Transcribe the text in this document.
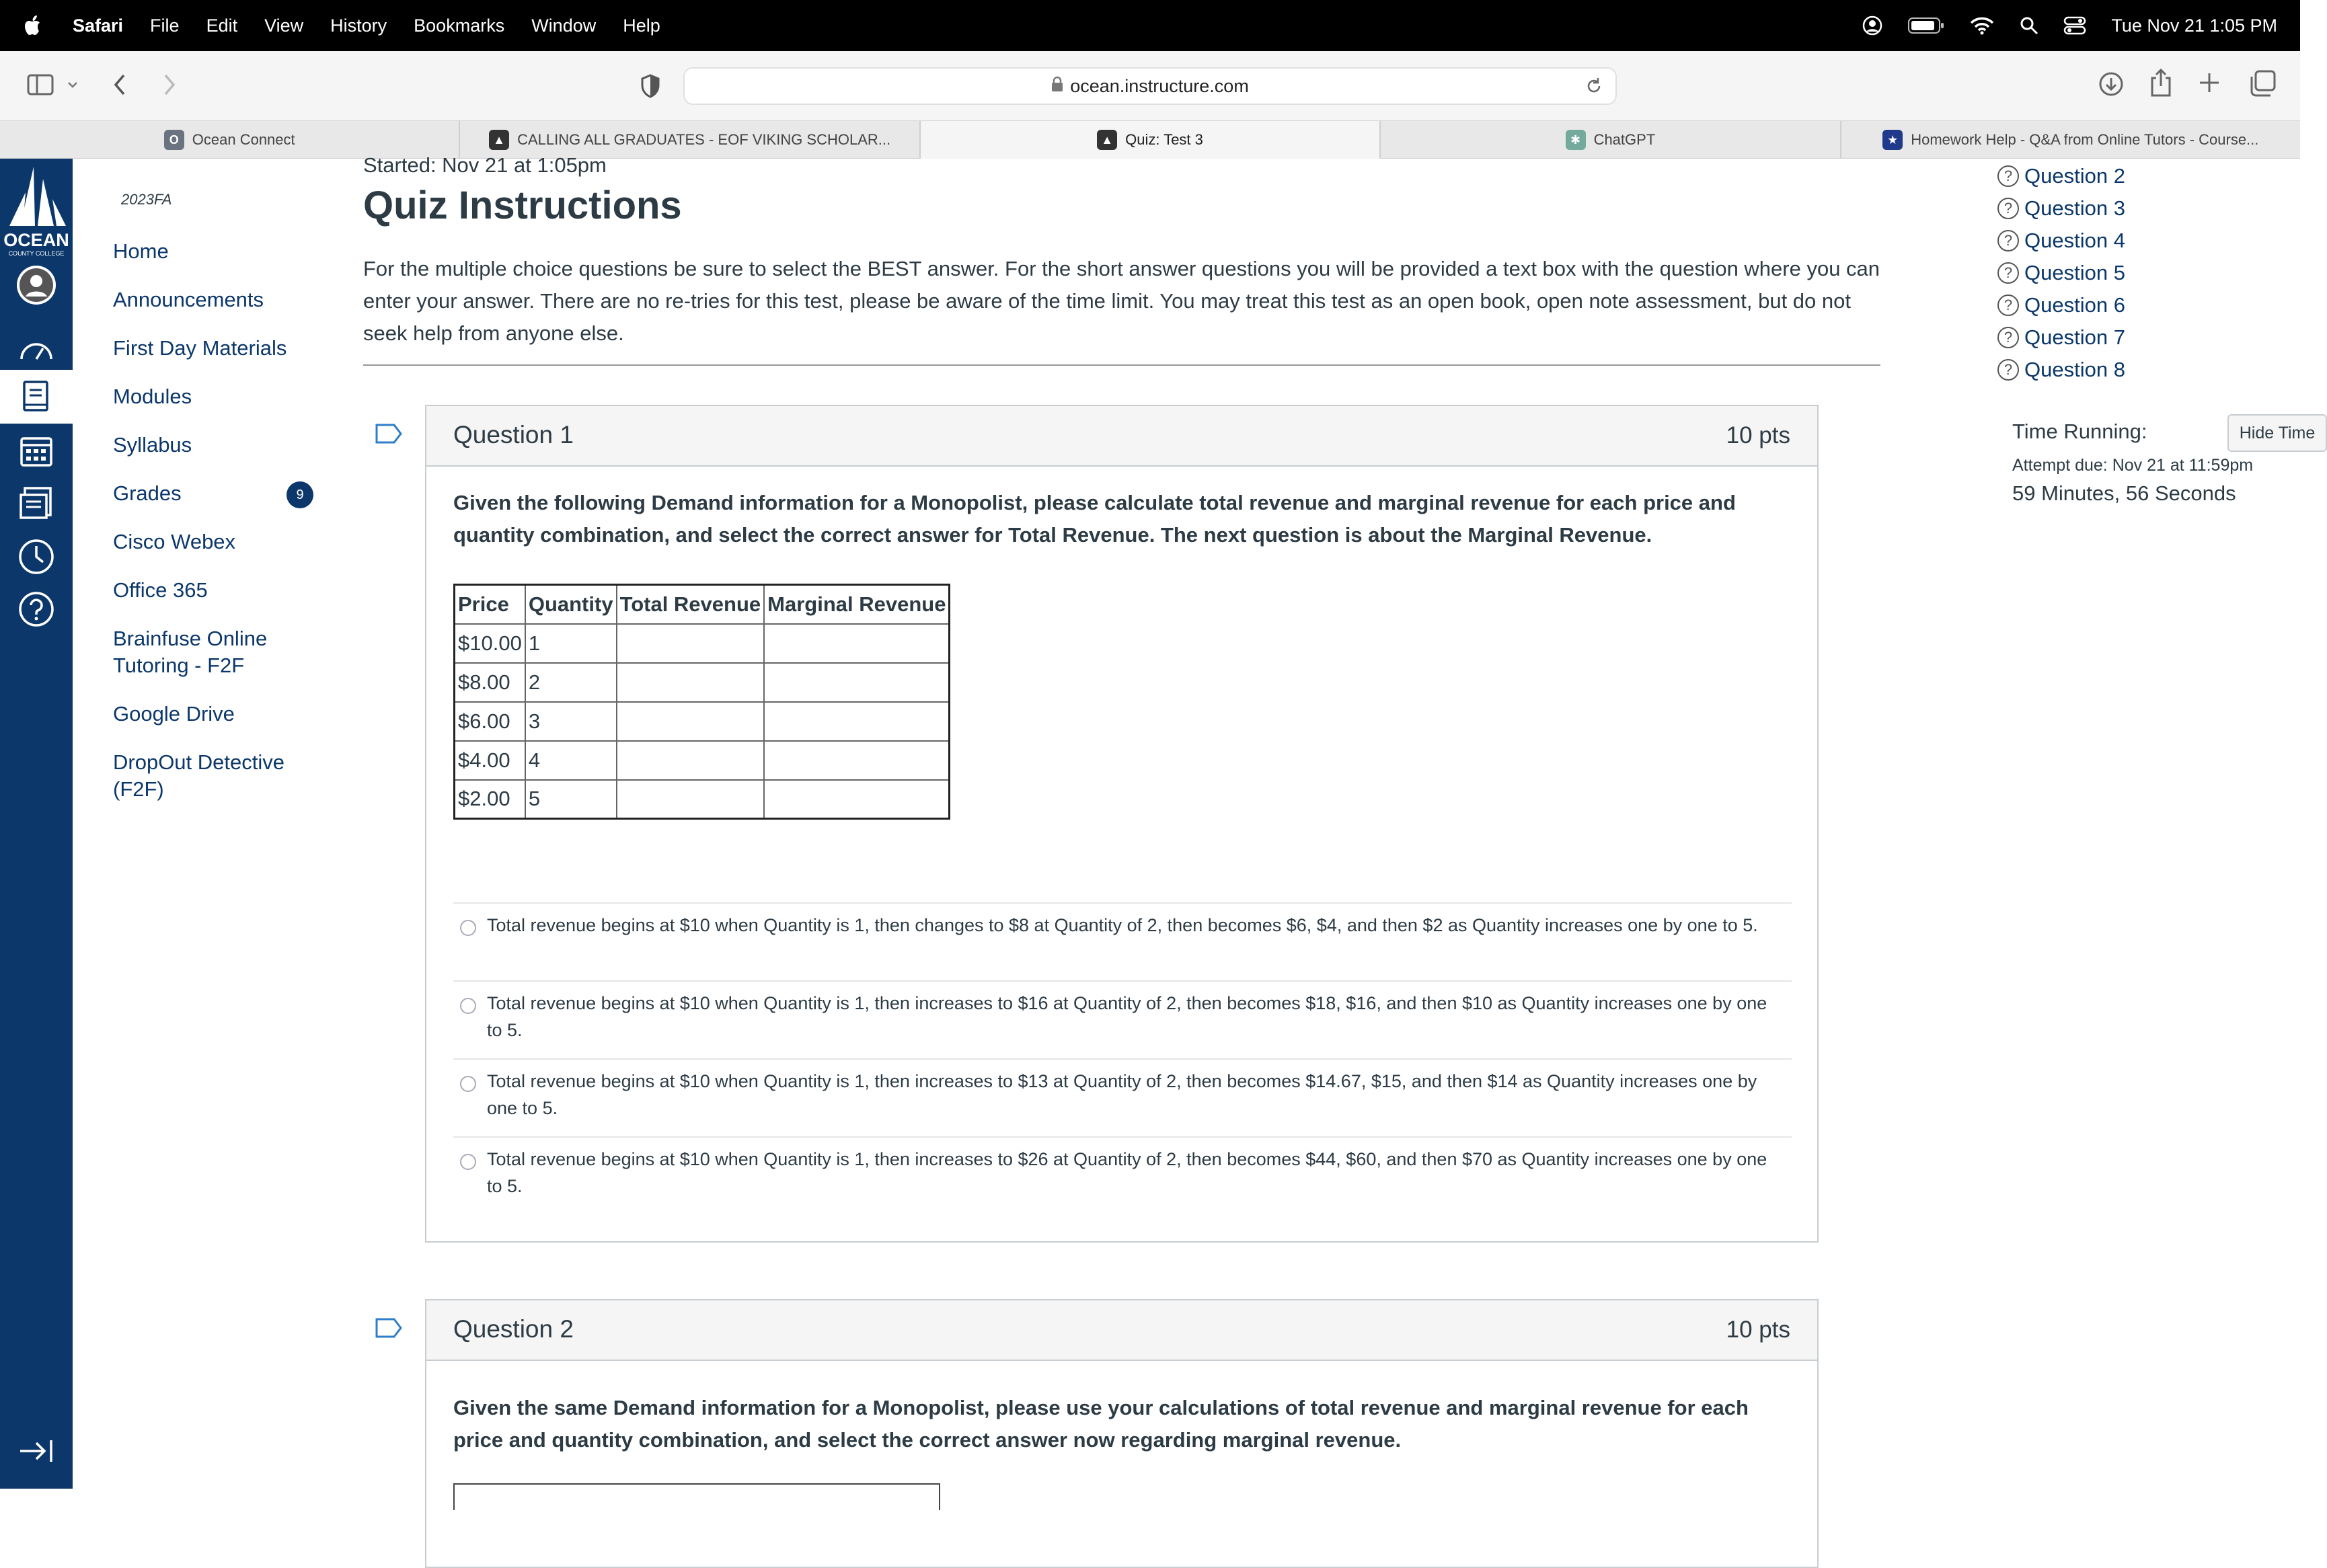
Safari File Edit View History Bookmarks Window Help	Tue Nov 21 1:05 PM
ocean.instructure.com
O Ocean Connect	▲ CALLING ALL GRADUATES - EOF VIKING SCHOLAR...	▲ Quiz: Test 3	✱ ChatGPT	★ Homework Help - Q&A from Online Tutors - Course...
OCEAN
COUNTY COLLEGE
2023FA
Home
Announcements
First Day Materials
Modules
Syllabus
Grades	9
Cisco Webex
Office 365
Brainfuse Online Tutoring - F2F
Google Drive
DropOut Detective (F2F)
Started: Nov 21 at 1:05pm
Quiz Instructions
For the multiple choice questions be sure to select the BEST answer. For the short answer questions you will be provided a text box with the question where you can enter your answer. There are no re-tries for this test, please be aware of the time limit. You may treat this test as an open book, open note assessment, but do not seek help from anyone else.
Question 1	10 pts
Given the following Demand information for a Monopolist, please calculate total revenue and marginal revenue for each price and quantity combination, and select the correct answer for Total Revenue. The next question is about the Marginal Revenue.
Price	Quantity	Total Revenue	Marginal Revenue
$10.00	1		
$8.00	2		
$6.00	3		
$4.00	4		
$2.00	5		
Total revenue begins at $10 when Quantity is 1, then changes to $8 at Quantity of 2, then becomes $6, $4, and then $2 as Quantity increases one by one to 5.
Total revenue begins at $10 when Quantity is 1, then increases to $16 at Quantity of 2, then becomes $18, $16, and then $10 as Quantity increases one by one to 5.
Total revenue begins at $10 when Quantity is 1, then increases to $13 at Quantity of 2, then becomes $14.67, $15, and then $14 as Quantity increases one by one to 5.
Total revenue begins at $10 when Quantity is 1, then increases to $26 at Quantity of 2, then becomes $44, $60, and then $70 as Quantity increases one by one to 5.
Question 2	10 pts
Given the same Demand information for a Monopolist, please use your calculations of total revenue and marginal revenue for each price and quantity combination, and select the correct answer now regarding marginal revenue.
? Question 2
? Question 3
? Question 4
? Question 5
? Question 6
? Question 7
? Question 8
Time Running:	Hide Time
Attempt due: Nov 21 at 11:59pm
59 Minutes, 56 Seconds
